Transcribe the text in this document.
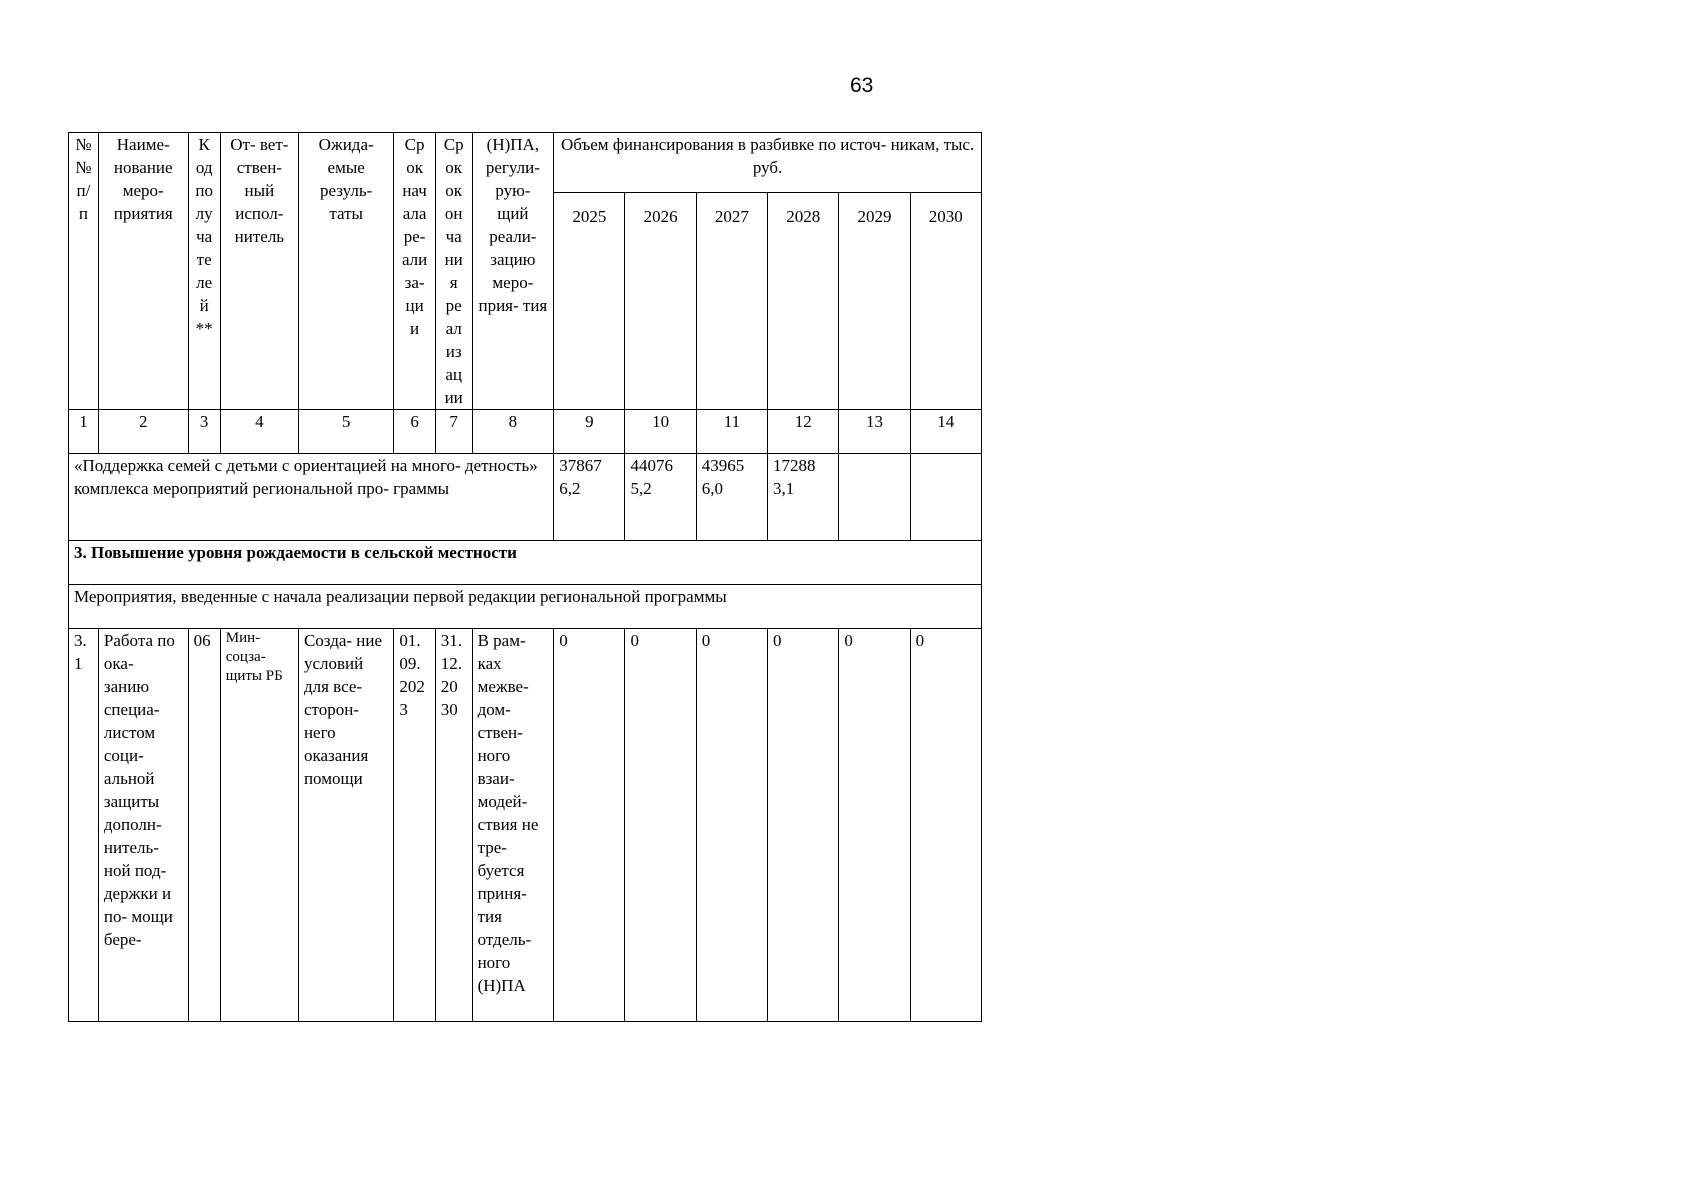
63
№ № п/ п	Наиме- нование меро- приятия	К од по лу ча те ле й **	От- вет- ствен- ный испол- нитель	Ожида- емые резуль- таты	Ср ок нач ала ре- али за- ци и	Ср ок ок он ча ни я ре ал из ац ии	(Н)ПА, регули- рую- щий реали- зацию меро- прия- тия	Объем финансирования в разбивке по источ- никам, тыс. руб.					
								2025	2026	2027	2028	2029	2030
1	2	3	4	5	6	7	8	9	10	11	12	13	14
«Поддержка семей с детьми с ориентацией на много- детность» комплекса мероприятий региональной про- граммы								37867 6,2	44076 5,2	43965 6,0	17288 3,1		
3. Повышение уровня рождаемости в сельской местности													
Мероприятия, введенные с начала реализации первой редакции региональной программы													
3. 1	Работа по ока- занию специа- листом соци- альной защиты дополн- нитель- ной под- держки и по- мощи бере-	06	Мин- соцза- щиты РБ	Созда- ние условий для все- сторон- него оказания помощи	01. 09. 202 3	31. 12. 20 30	В рам- ках межве- дом- ствен- ного взаи- модей- ствия не тре- буется приня- тия отдель- ного (Н)ПА	0	0	0	0	0	0
